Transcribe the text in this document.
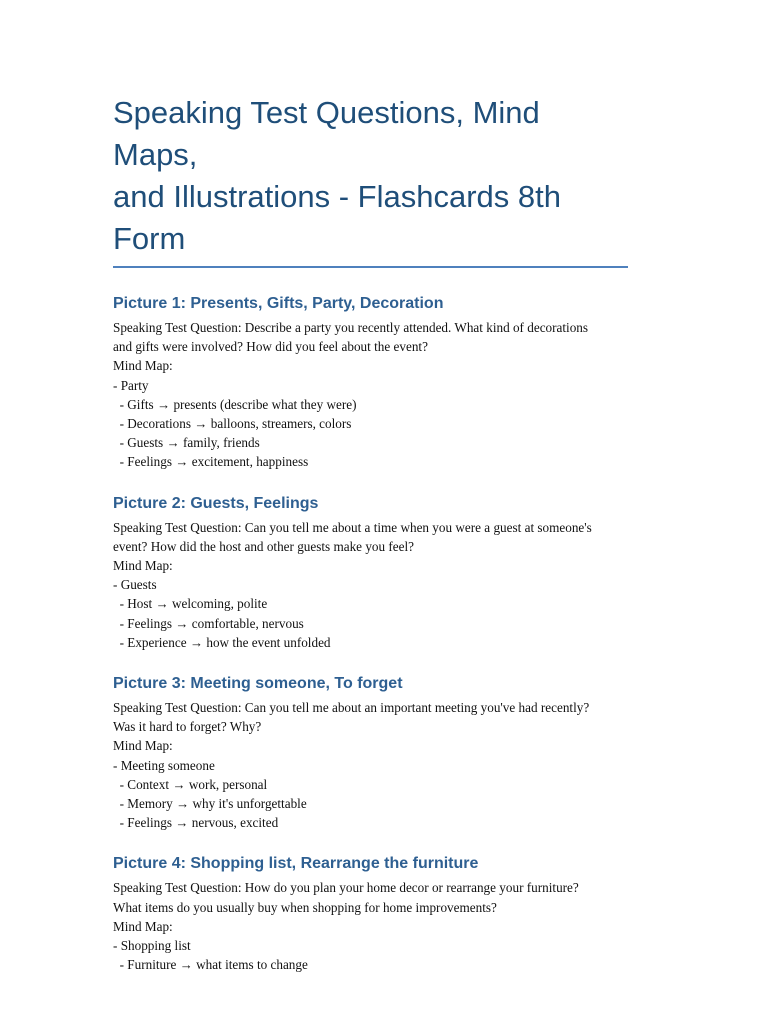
Speaking Test Questions, Mind Maps,
and Illustrations - Flashcards 8th Form
Picture 1: Presents, Gifts, Party, Decoration
Speaking Test Question: Describe a party you recently attended. What kind of decorations
and gifts were involved? How did you feel about the event?
Mind Map:
- Party
- Gifts → presents (describe what they were)
- Decorations → balloons, streamers, colors
- Guests → family, friends
- Feelings → excitement, happiness
Picture 2: Guests, Feelings
Speaking Test Question: Can you tell me about a time when you were a guest at someone's
event? How did the host and other guests make you feel?
Mind Map:
- Guests
- Host → welcoming, polite
- Feelings → comfortable, nervous
- Experience → how the event unfolded
Picture 3: Meeting someone, To forget
Speaking Test Question: Can you tell me about an important meeting you've had recently?
Was it hard to forget? Why?
Mind Map:
- Meeting someone
- Context → work, personal
- Memory → why it's unforgettable
- Feelings → nervous, excited
Picture 4: Shopping list, Rearrange the furniture
Speaking Test Question: How do you plan your home decor or rearrange your furniture?
What items do you usually buy when shopping for home improvements?
Mind Map:
- Shopping list
- Furniture → what items to change
